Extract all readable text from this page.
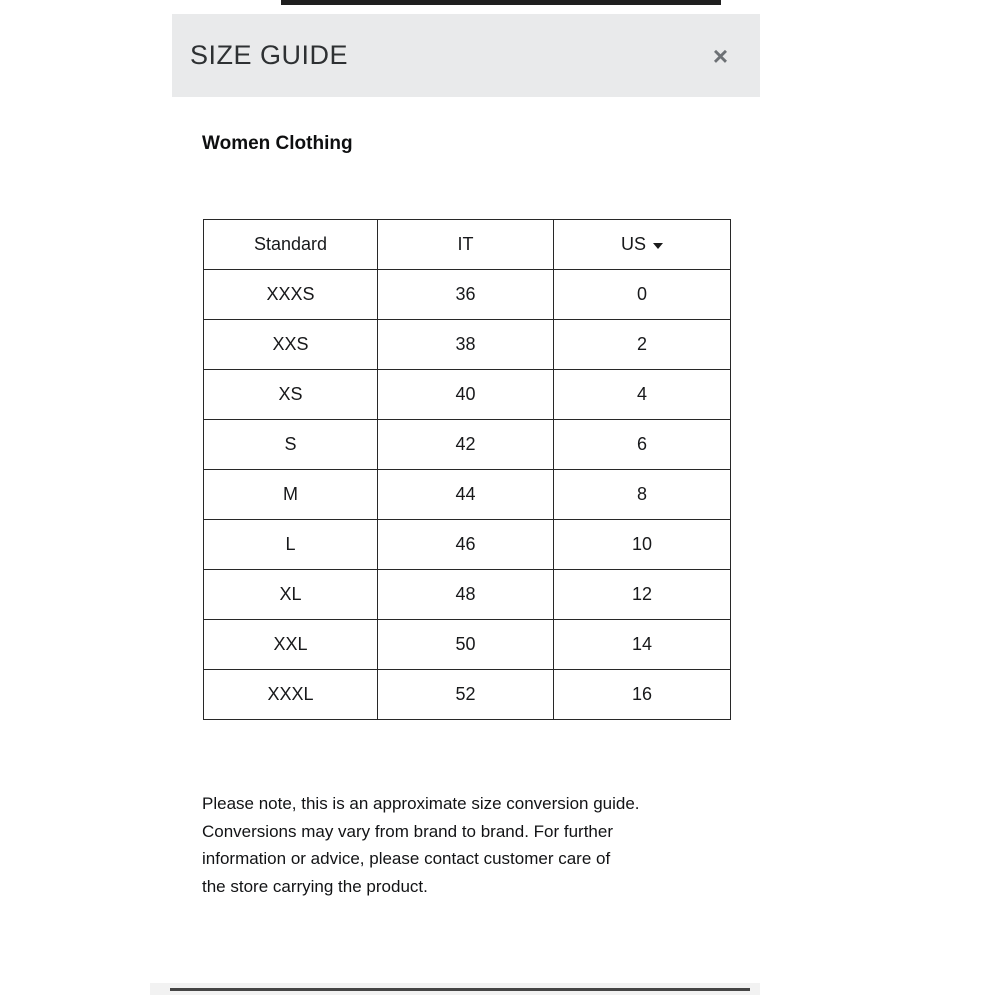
SIZE GUIDE	×
Women Clothing
Standard	IT	US

XXXS	36	0
XXS	38	2
XS	40	4
S	42	6
M	44	8
L	46	10
XL	48	12
XXL	50	14
XXXL	52	16
Please note, this is an approximate size conversion guide.
Conversions may vary from brand to brand. For further
information or advice, please contact customer care of
the store carrying the product.
